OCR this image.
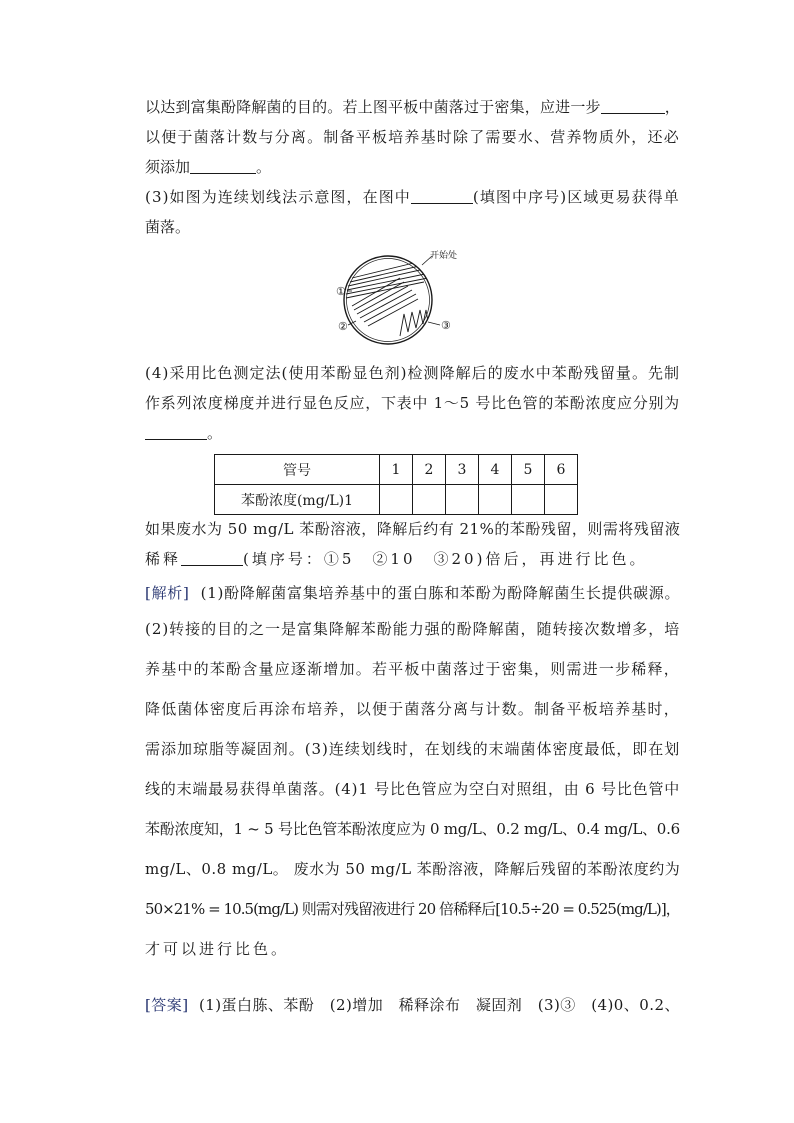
以达到富集酚降解菌的目的。若上图平板中菌落过于密集，应进一步	，
以便于菌落计数与分离。制备平板培养基时除了需要水、营养物质外，还必
须添加	。
(3)如图为连续划线法示意图，在图中	(填图中序号)区域更易获得单
菌落。
开始处
①
②	③
(4)采用比色测定法(使用苯酚显色剂)检测降解后的废水中苯酚残留量。先制
作系列浓度梯度并进行显色反应，下表中 1～5 号比色管的苯酚浓度应分别为
。
管号	1	2	3	4	5	6
苯酚浓度(mg/L)1						
如果废水为 50 mg/L 苯酚溶液，降解后约有 21%的苯酚残留，则需将残留液
稀释	(填序号：①5　②10　③20)倍后，再进行比色。
[解析] (1)酚降解菌富集培养基中的蛋白胨和苯酚为酚降解菌生长提供碳源。
(2)转接的目的之一是富集降解苯酚能力强的酚降解菌，随转接次数增多，培
养基中的苯酚含量应逐渐增加。若平板中菌落过于密集，则需进一步稀释，
降低菌体密度后再涂布培养，以便于菌落分离与计数。制备平板培养基时，
需添加琼脂等凝固剂。(3)连续划线时，在划线的末端菌体密度最低，即在划
线的末端最易获得单菌落。(4)1 号比色管应为空白对照组，由 6 号比色管中
苯酚浓度知，1 ~ 5 号比色管苯酚浓度应为 0 mg/L、0.2 mg/L、0.4 mg/L、0.6
mg/L、0.8 mg/L。 废水为 50 mg/L 苯酚溶液，降解后残留的苯酚浓度约为
50×21% = 10.5(mg/L) 则需对残留液进行 20 倍稀释后[10.5÷20 = 0.525(mg/L)]，
才可以进行比色。
[答案] (1)蛋白胨、苯酚　(2)增加　稀释涂布　凝固剂　(3)③　(4)0、0.2、
